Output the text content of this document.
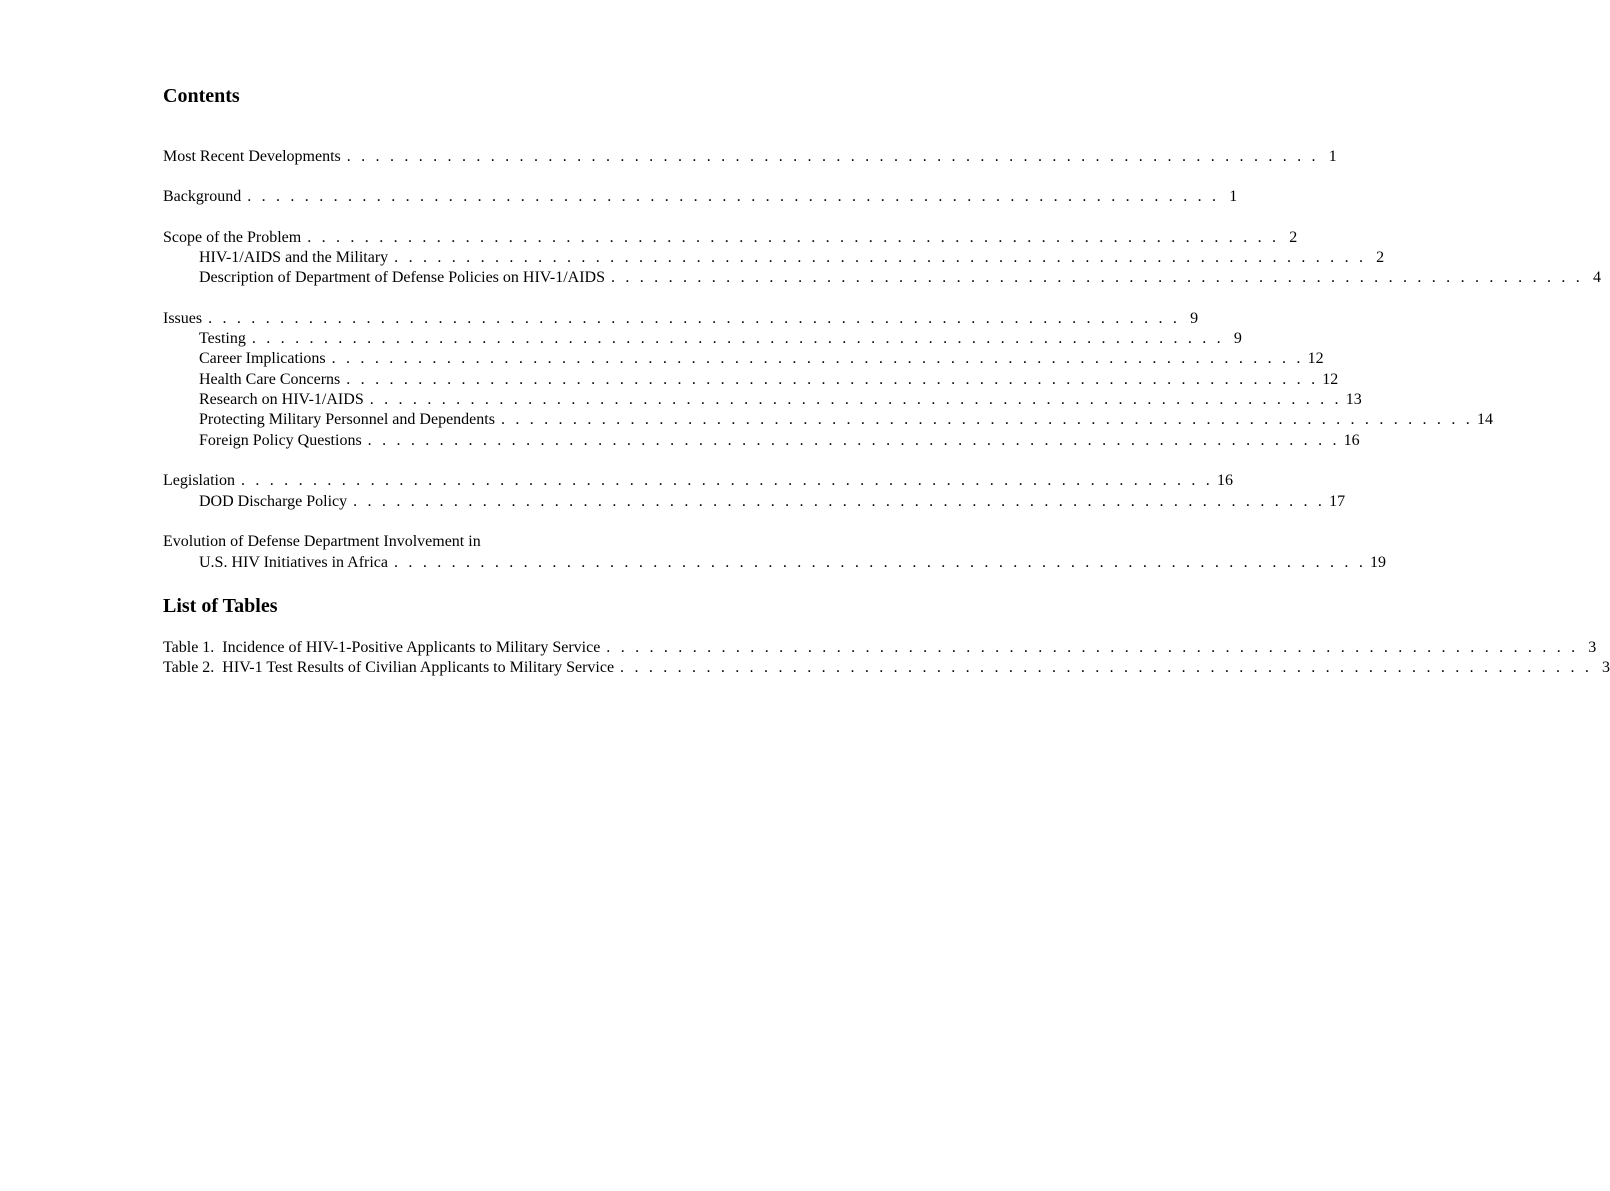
Contents
Most Recent Developments . . . . . . . . . . . . . . . . . . . . . . . . . . . . . . . . . . . . . . . . . . . . . . . . . . . . . . . . . . . . . . . . . . . . 1
Background . . . . . . . . . . . . . . . . . . . . . . . . . . . . . . . . . . . . . . . . . . . . . . . . . . . . . . . . . . . . . . . . . . . . 1
Scope of the Problem . . . . . . . . . . . . . . . . . . . . . . . . . . . . . . . . . . . . . . . . . . . . . . . . . . . . . . . . . . . . . . . . . . . . 2
HIV-1/AIDS and the Military . . . . . . . . . . . . . . . . . . . . . . . . . . . . . . . . . . . . . . . . . . . . . . . . . . . . . . . . . . . . . . . . . . . . 2
Description of Department of Defense Policies on HIV-1/AIDS . . . . . . . . . . . . . . . . . . . . . . . . . . . . . . . . . . . . . . . . . . . . . . . . . . . . . . . . . . . . . . . . . . . . 4
Issues . . . . . . . . . . . . . . . . . . . . . . . . . . . . . . . . . . . . . . . . . . . . . . . . . . . . . . . . . . . . . . . . . . . . 9
Testing . . . . . . . . . . . . . . . . . . . . . . . . . . . . . . . . . . . . . . . . . . . . . . . . . . . . . . . . . . . . . . . . . . . . 9
Career Implications . . . . . . . . . . . . . . . . . . . . . . . . . . . . . . . . . . . . . . . . . . . . . . . . . . . . . . . . . . . . . . . . . . . . 12
Health Care Concerns . . . . . . . . . . . . . . . . . . . . . . . . . . . . . . . . . . . . . . . . . . . . . . . . . . . . . . . . . . . . . . . . . . . . 12
Research on HIV-1/AIDS . . . . . . . . . . . . . . . . . . . . . . . . . . . . . . . . . . . . . . . . . . . . . . . . . . . . . . . . . . . . . . . . . . . . 13
Protecting Military Personnel and Dependents . . . . . . . . . . . . . . . . . . . . . . . . . . . . . . . . . . . . . . . . . . . . . . . . . . . . . . . . . . . . . . . . . . . . 14
Foreign Policy Questions . . . . . . . . . . . . . . . . . . . . . . . . . . . . . . . . . . . . . . . . . . . . . . . . . . . . . . . . . . . . . . . . . . . . 16
Legislation . . . . . . . . . . . . . . . . . . . . . . . . . . . . . . . . . . . . . . . . . . . . . . . . . . . . . . . . . . . . . . . . . . . . 16
DOD Discharge Policy . . . . . . . . . . . . . . . . . . . . . . . . . . . . . . . . . . . . . . . . . . . . . . . . . . . . . . . . . . . . . . . . . . . . 17
Evolution of Defense Department Involvement in
U.S. HIV Initiatives in Africa . . . . . . . . . . . . . . . . . . . . . . . . . . . . . . . . . . . . . . . . . . . . . . . . . . . . . . . . . . . . . . . . . . . . 19
List of Tables
Table 1.  Incidence of HIV-1-Positive Applicants to Military Service . . . . . . . . . . . . . . . . . . . . . . . . . . . . . . . . . . . . . . . . . . . . . . . . . . . . . . . . . . . . . . . . . . . . 3
Table 2.  HIV-1 Test Results of Civilian Applicants to Military Service . . . . . . . . . . . . . . . . . . . . . . . . . . . . . . . . . . . . . . . . . . . . . . . . . . . . . . . . . . . . . . . . . . . . 3
